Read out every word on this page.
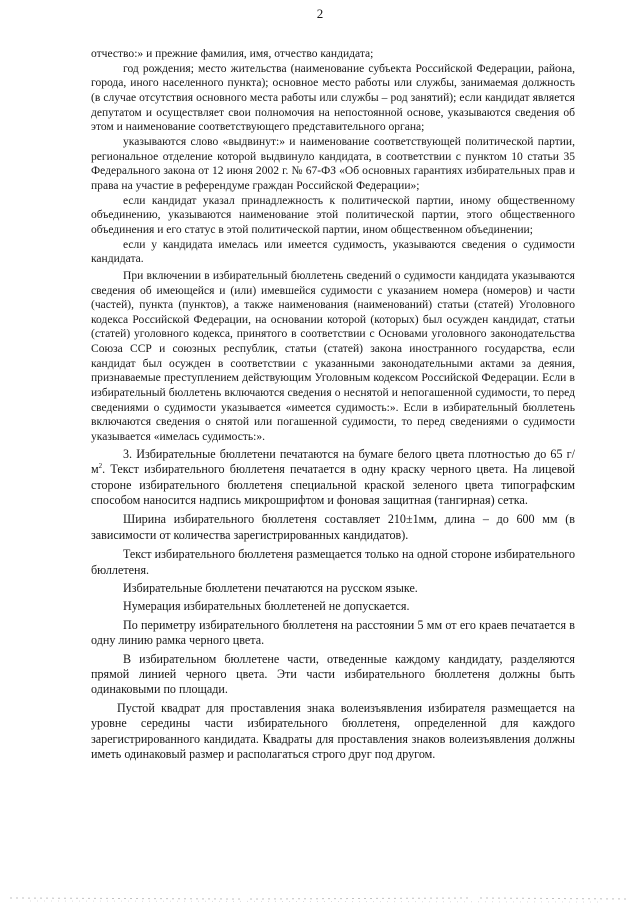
2

отчество:» и прежние фамилия, имя, отчество кандидата;

год рождения; место жительства (наименование субъекта Российской Федерации, района, города, иного населенного пункта); основное место работы или службы, занимаемая должность (в случае отсутствия основного места работы или службы – род занятий); если кандидат является депутатом и осуществляет свои полномочия на непостоянной основе, указываются сведения об этом и наименование соответствующего представительного органа;

указываются слово «выдвинут:» и наименование соответствующей политической партии, региональное отделение которой выдвинуло кандидата, в соответствии с пунктом 10 статьи 35 Федерального закона от 12 июня 2002 г. № 67-ФЗ «Об основных гарантиях избирательных прав и права на участие в референдуме граждан Российской Федерации»;

если кандидат указал принадлежность к политической партии, иному общественному объединению, указываются наименование этой политической партии, этого общественного объединения и его статус в этой политической партии, ином общественном объединении;

если у кандидата имелась или имеется судимость, указываются сведения о судимости кандидата.

При включении в избирательный бюллетень сведений о судимости кандидата указываются сведения об имеющейся и (или) имевшейся судимости с указанием номера (номеров) и части (частей), пункта (пунктов), а также наименования (наименований) статьи (статей) Уголовного кодекса Российской Федерации, на основании которой (которых) был осужден кандидат, статьи (статей) уголовного кодекса, принятого в соответствии с Основами уголовного законодательства Союза ССР и союзных республик, статьи (статей) закона иностранного государства, если кандидат был осужден в соответствии с указанными законодательными актами за деяния, признаваемые преступлением действующим Уголовным кодексом Российской Федерации. Если в избирательный бюллетень включаются сведения о неснятой и непогашенной судимости, то перед сведениями о судимости указывается «имеется судимость:». Если в избирательный бюллетень включаются сведения о снятой или погашенной судимости, то перед сведениями о судимости указывается «имелась судимость:».

3. Избирательные бюллетени печатаются на бумаге белого цвета плотностью до 65 $г/м^2$. Текст избирательного бюллетеня печатается в одну краску черного цвета. На лицевой стороне избирательного бюллетеня специальной краской зеленого цвета типографским способом наносится надпись микрошрифтом и фоновая защитная (тангирная) сетка.

Ширина избирательного бюллетеня составляет 210±1мм, длина – до 600 мм (в зависимости от количества зарегистрированных кандидатов).

Текст избирательного бюллетеня размещается только на одной стороне избирательного бюллетеня.

Избирательные бюллетени печатаются на русском языке.

Нумерация избирательных бюллетеней не допускается.

По периметру избирательного бюллетеня на расстоянии 5 мм от его краев печатается в одну линию рамка черного цвета.

В избирательном бюллетене части, отведенные каждому кандидату, разделяются прямой линией черного цвета. Эти части избирательного бюллетеня должны быть одинаковыми по площади.

Пустой квадрат для проставления знака волеизъявления избирателя размещается на уровне середины части избирательного бюллетеня, определенной для каждого зарегистрированного кандидата. Квадраты для проставления знаков волеизъявления должны иметь одинаковый размер и располагаться строго друг под другом.
